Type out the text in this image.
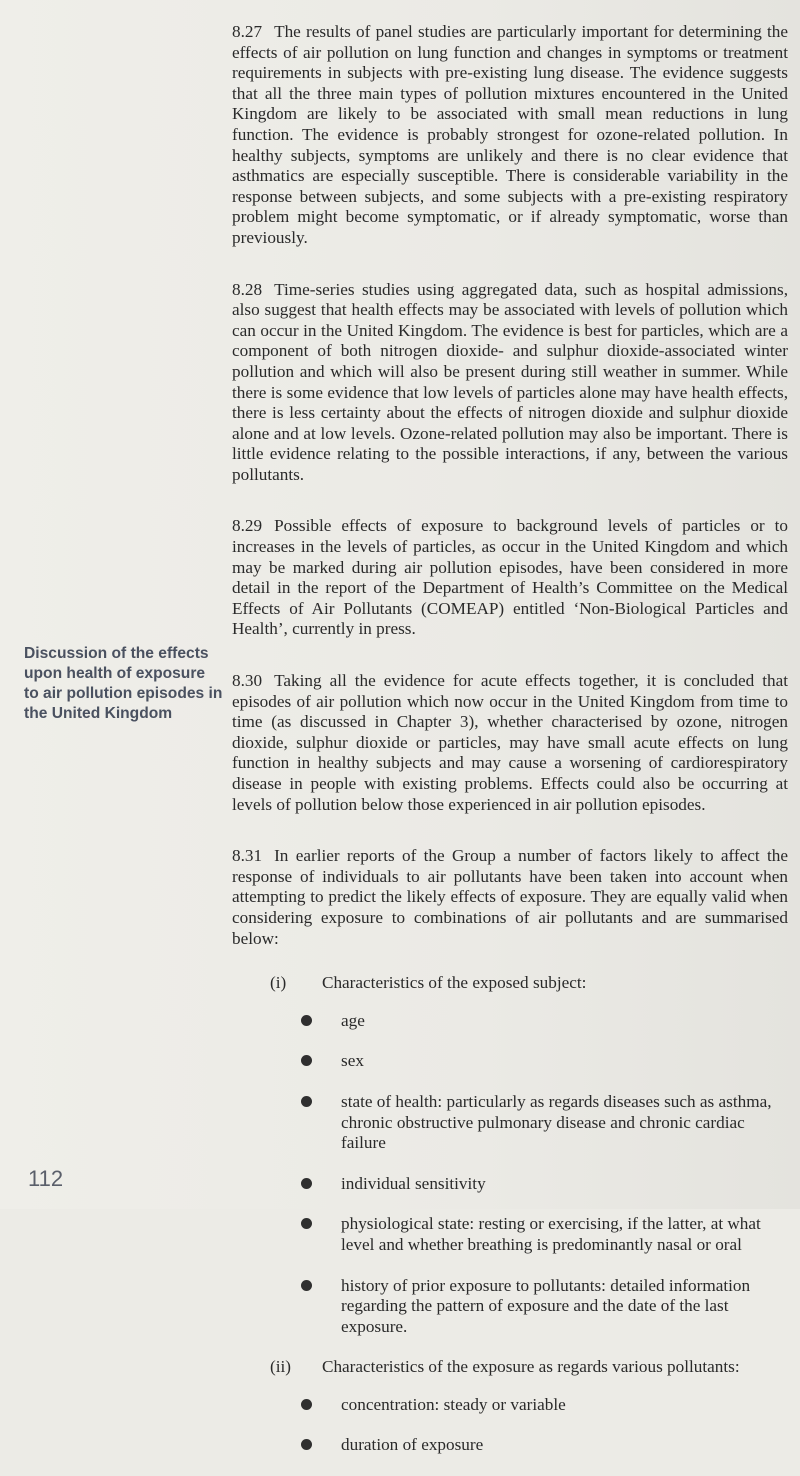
Discussion of the effects upon health of exposure to air pollution episodes in the United Kingdom
112

8.27 The results of panel studies are particularly important for determining the effects of air pollution on lung function and changes in symptoms or treatment requirements in subjects with pre-existing lung disease. The evidence suggests that all the three main types of pollution mixtures encountered in the United Kingdom are likely to be associated with small mean reductions in lung function. The evidence is probably strongest for ozone-related pollution. In healthy subjects, symptoms are unlikely and there is no clear evidence that asthmatics are especially susceptible. There is considerable variability in the response between subjects, and some subjects with a pre-existing respiratory problem might become symptomatic, or if already symptomatic, worse than previously.

8.28 Time-series studies using aggregated data, such as hospital admissions, also suggest that health effects may be associated with levels of pollution which can occur in the United Kingdom. The evidence is best for particles, which are a component of both nitrogen dioxide- and sulphur dioxide-associated winter pollution and which will also be present during still weather in summer. While there is some evidence that low levels of particles alone may have health effects, there is less certainty about the effects of nitrogen dioxide and sulphur dioxide alone and at low levels. Ozone-related pollution may also be important. There is little evidence relating to the possible interactions, if any, between the various pollutants.

8.29 Possible effects of exposure to background levels of particles or to increases in the levels of particles, as occur in the United Kingdom and which may be marked during air pollution episodes, have been considered in more detail in the report of the Department of Health’s Committee on the Medical Effects of Air Pollutants (COMEAP) entitled ‘Non-Biological Particles and Health’, currently in press.

8.30 Taking all the evidence for acute effects together, it is concluded that episodes of air pollution which now occur in the United Kingdom from time to time (as discussed in Chapter 3), whether characterised by ozone, nitrogen dioxide, sulphur dioxide or particles, may have small acute effects on lung function in healthy subjects and may cause a worsening of cardiorespiratory disease in people with existing problems. Effects could also be occurring at levels of pollution below those experienced in air pollution episodes.

8.31 In earlier reports of the Group a number of factors likely to affect the response of individuals to air pollutants have been taken into account when attempting to predict the likely effects of exposure. They are equally valid when considering exposure to combinations of air pollutants and are summarised below:

(i)	Characteristics of the exposed subject:
age
sex
state of health: particularly as regards diseases such as asthma, chronic obstructive pulmonary disease and chronic cardiac failure
individual sensitivity
physiological state: resting or exercising, if the latter, at what level and whether breathing is predominantly nasal or oral
history of prior exposure to pollutants: detailed information regarding the pattern of exposure and the date of the last exposure.
(ii)	Characteristics of the exposure as regards various pollutants:
concentration: steady or variable
duration of exposure
